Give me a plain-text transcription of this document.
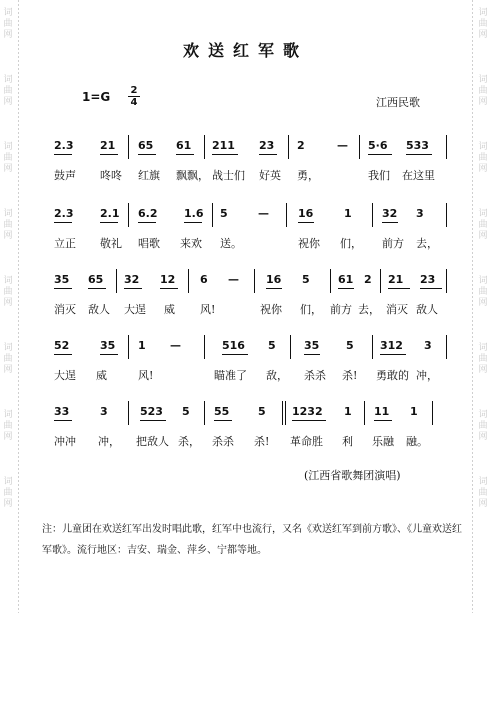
词
曲
网
词
曲
网
词
曲
网
词
曲
网
词
曲
网
词
曲
网
词
曲
网
词
曲
网
词
曲
网
词
曲
网
词
曲
网
词
曲
网
词
曲
网
词
曲
网
词
曲
网
词
曲
网
欢送红军歌
1=G 2
4	江西民歌

2.3

21

65

61

211

23

2

	—

5·6

533

鼓声

咚咚

红旗

飘飘，

战士们

好英

勇，

	我们

在这里

2.3

2.1

6.2

1.6

5

	—

	16

	1

	32

3

立正

敬礼

唱歌

来欢

送。

	祝你

们，

前方

去，

35

65

32

12

6

—

16

5

	61

2

21

23

消灭

敌人

大逞

威

风!

	祝你

们，

前方

去，

消灭

敌人

52

	35

1

—

	516

5

	35

5

312

3

大逞

威

	风!

	瞄准了

敌，

杀杀

杀!

勇敢的

冲，

33

	3

	523

5

55

	5

1232

1

11

1

冲冲

冲，

把敌人

杀，

杀杀

杀!

革命胜

利

乐融

融。

(江西省歌舞团演唱)
注：儿童团在欢送红军出发时唱此歌，红军中也流行，又名《欢送红军到前方歌》、《儿童欢送红军歌》。流行地区：吉安、瑞金、萍乡、宁都等地。
